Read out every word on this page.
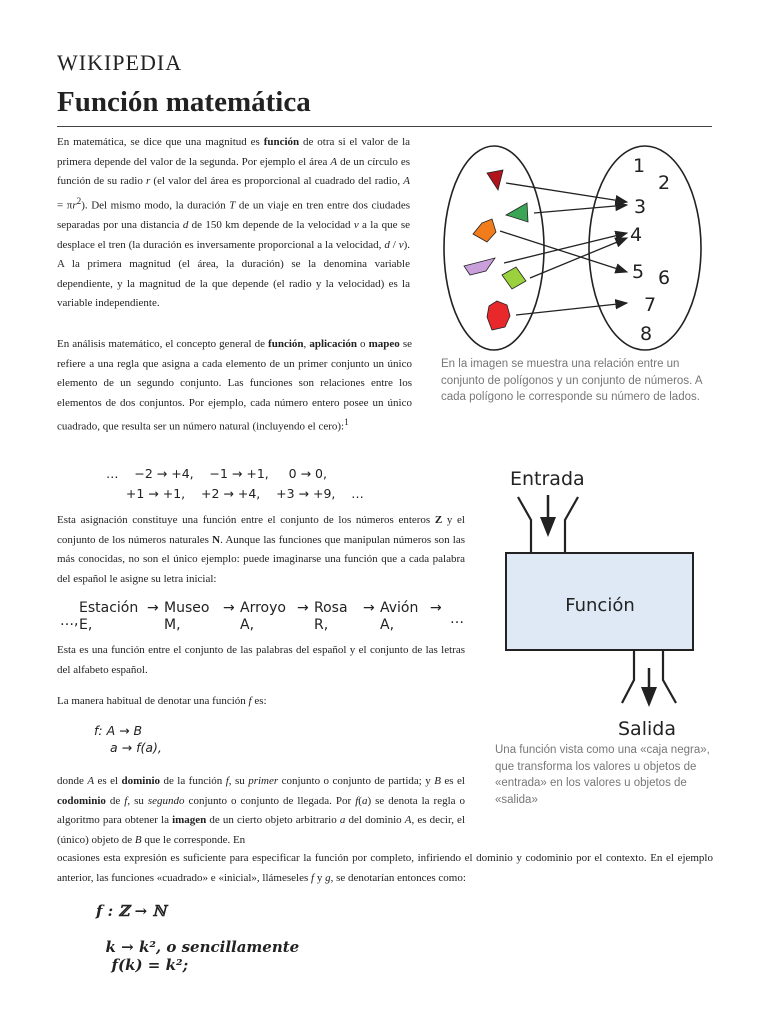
WIKIPEDIA
Función matemática

En matemática, se dice que una magnitud es función de otra si el valor de la primera depende del valor de la segunda. Por ejemplo el área A de un círculo es función de su radio r (el valor del área es proporcional al cuadrado del radio, $A = \pi r^2$). Del mismo modo, la duración T de un viaje en tren entre dos ciudades separadas por una distancia d de 150 km depende de la velocidad v a la que se desplace el tren (la duración es inversamente proporcional a la velocidad, d / v). A la primera magnitud (el área, la duración) se la denomina variable dependiente, y la magnitud de la que depende (el radio y la velocidad) es la variable independiente.

En análisis matemático, el concepto general de función, aplicación o mapeo se refiere a una regla que asigna a cada elemento de un primer conjunto un único elemento de un segundo conjunto. Las funciones son relaciones entre los elementos de dos conjuntos. Por ejemplo, cada número entero posee un único cuadrado, que resulta ser un número natural (incluyendo el cero):$^1$

…    −2 → +4,    −1 → +1,     0 → 0,
+1 → +1,    +2 → +4,    +3 → +9,    …

Esta asignación constituye una función entre el conjunto de los números enteros Z y el conjunto de los números naturales N. Aunque las funciones que manipulan números son las más conocidas, no son el único ejemplo: puede imaginarse una función que a cada palabra del español le asigne su letra inicial:

…,
Estación
E,
→ Museo
M,
→ Arroyo
A,
→ Rosa
R,
→ Avión
A,
→
…

Esta es una función entre el conjunto de las palabras del español y el conjunto de las letras del alfabeto español.

La manera habitual de denotar una función f es:

f: A → B
a → f(a),

donde A es el dominio de la función f, su primer conjunto o conjunto de partida; y B es el codominio de f, su segundo conjunto o conjunto de llegada. Por f(a) se denota la regla o algoritmo para obtener la imagen de un cierto objeto arbitrario a del dominio A, es decir, el (único) objeto de B que le corresponde. En

ocasiones esta expresión es suficiente para especificar la función por completo, infiriendo el dominio y codominio por el contexto. En el ejemplo anterior, las funciones «cuadrado» e «inicial», llámeseles f y g, se denotarían entonces como:

f : ℤ → ℕ

k → k², o sencillamente
f(k) = k²;

1
2
3
4
5 6
7
8

En la imagen se muestra una relación entre un conjunto de polígonos y un conjunto de números. A cada polígono le corresponde su número de lados.

Entrada
Función
Salida

Una función vista como una «caja negra», que transforma los valores u objetos de «entrada» en los valores u objetos de «salida»
